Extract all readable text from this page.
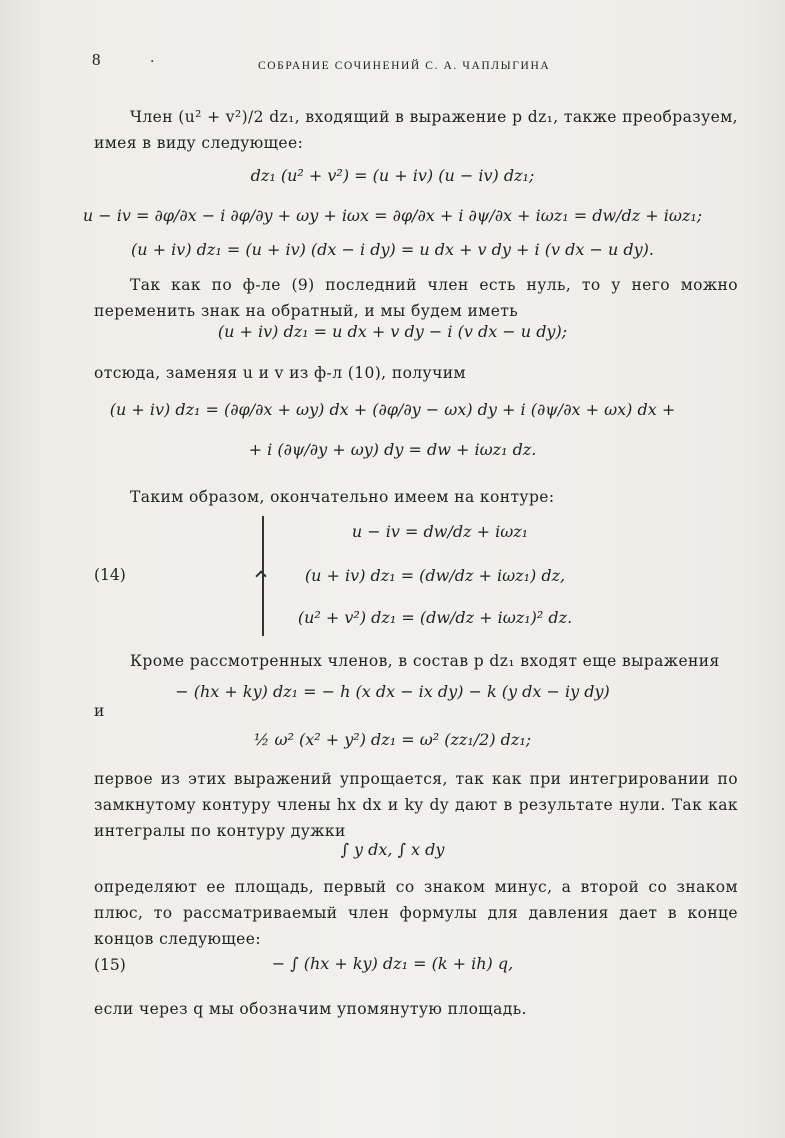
8	·	СОБРАНИЕ СОЧИНЕНИЙ С. А. ЧАПЛЫГИНА
Член (u² + v²)/2 dz₁, входящий в выражение p dz₁, также преобразуем, имея в виду следующее:
dz₁ (u² + v²) = (u + iv) (u − iv) dz₁;
u − iv = ∂φ/∂x − i ∂φ/∂y + ωy + iωx = ∂φ/∂x + i ∂ψ/∂x + iωz₁ = dw/dz + iωz₁;
(u + iv) dz₁ = (u + iv) (dx − i dy) = u dx + v dy + i (v dx − u dy).
Так как по ф-ле (9) последний член есть нуль, то у него можно переменить знак на обратный, и мы будем иметь
(u + iv) dz₁ = u dx + v dy − i (v dx − u dy);
отсюда, заменяя u и v из ф-л (10), получим
(u + iv) dz₁ = (∂φ/∂x + ωy) dx + (∂φ/∂y − ωx) dy + i (∂ψ/∂x + ωx) dx +
+ i (∂ψ/∂y + ωy) dy = dw + iωz₁ dz.
Таким образом, окончательно имеем на контуре:
(14)
u − iv = dw/dz + iωz₁
(u + iv) dz₁ = (dw/dz + iωz₁) dz,
(u² + v²) dz₁ = (dw/dz + iωz₁)² dz.
Кроме рассмотренных членов, в состав p dz₁ входят еще выражения
− (hx + ky) dz₁ = − h (x dx − ix dy) − k (y dx − iy dy)
и
½ ω² (x² + y²) dz₁ = ω² (zz₁/2) dz₁;
первое из этих выражений упрощается, так как при интегрировании по замкнутому контуру члены hx dx и ky dy дают в результате нули. Так как интегралы по контуру дужки
∫ y dx, ∫ x dy
определяют ее площадь, первый со знаком минус, а второй со знаком плюс, то рассматриваемый член формулы для давления дает в конце концов следующее:
(15)	− ∫ (hx + ky) dz₁ = (k + ih) q,
если через q мы обозначим упомянутую площадь.
